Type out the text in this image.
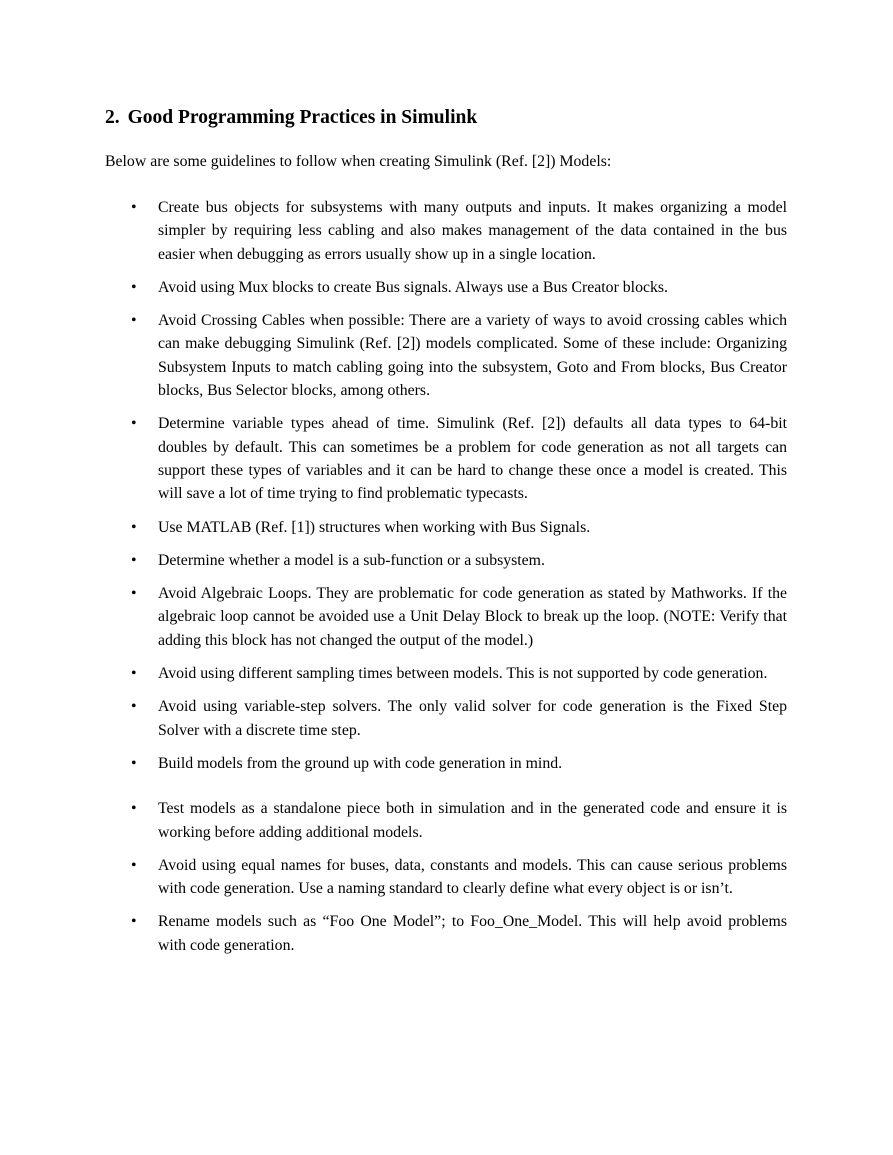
2. Good Programming Practices in Simulink

Below are some guidelines to follow when creating Simulink (Ref. [2]) Models:

• Create bus objects for subsystems with many outputs and inputs. It makes organizing a model simpler by requiring less cabling and also makes management of the data contained in the bus easier when debugging as errors usually show up in a single location.
• Avoid using Mux blocks to create Bus signals. Always use a Bus Creator blocks.
• Avoid Crossing Cables when possible: There are a variety of ways to avoid crossing cables which can make debugging Simulink (Ref. [2]) models complicated. Some of these include: Organizing Subsystem Inputs to match cabling going into the subsystem, Goto and From blocks, Bus Creator blocks, Bus Selector blocks, among others.
• Determine variable types ahead of time. Simulink (Ref. [2]) defaults all data types to 64-bit doubles by default. This can sometimes be a problem for code generation as not all targets can support these types of variables and it can be hard to change these once a model is created. This will save a lot of time trying to find problematic typecasts.
• Use MATLAB (Ref. [1]) structures when working with Bus Signals.
• Determine whether a model is a sub-function or a subsystem.
• Avoid Algebraic Loops. They are problematic for code generation as stated by Mathworks. If the algebraic loop cannot be avoided use a Unit Delay Block to break up the loop. (NOTE: Verify that adding this block has not changed the output of the model.)
• Avoid using different sampling times between models. This is not supported by code generation.
• Avoid using variable-step solvers. The only valid solver for code generation is the Fixed Step Solver with a discrete time step.
• Build models from the ground up with code generation in mind.
• Test models as a standalone piece both in simulation and in the generated code and ensure it is working before adding additional models.
• Avoid using equal names for buses, data, constants and models. This can cause serious problems with code generation. Use a naming standard to clearly define what every object is or isn’t.
• Rename models such as “Foo One Model”; to Foo_One_Model. This will help avoid problems with code generation.
